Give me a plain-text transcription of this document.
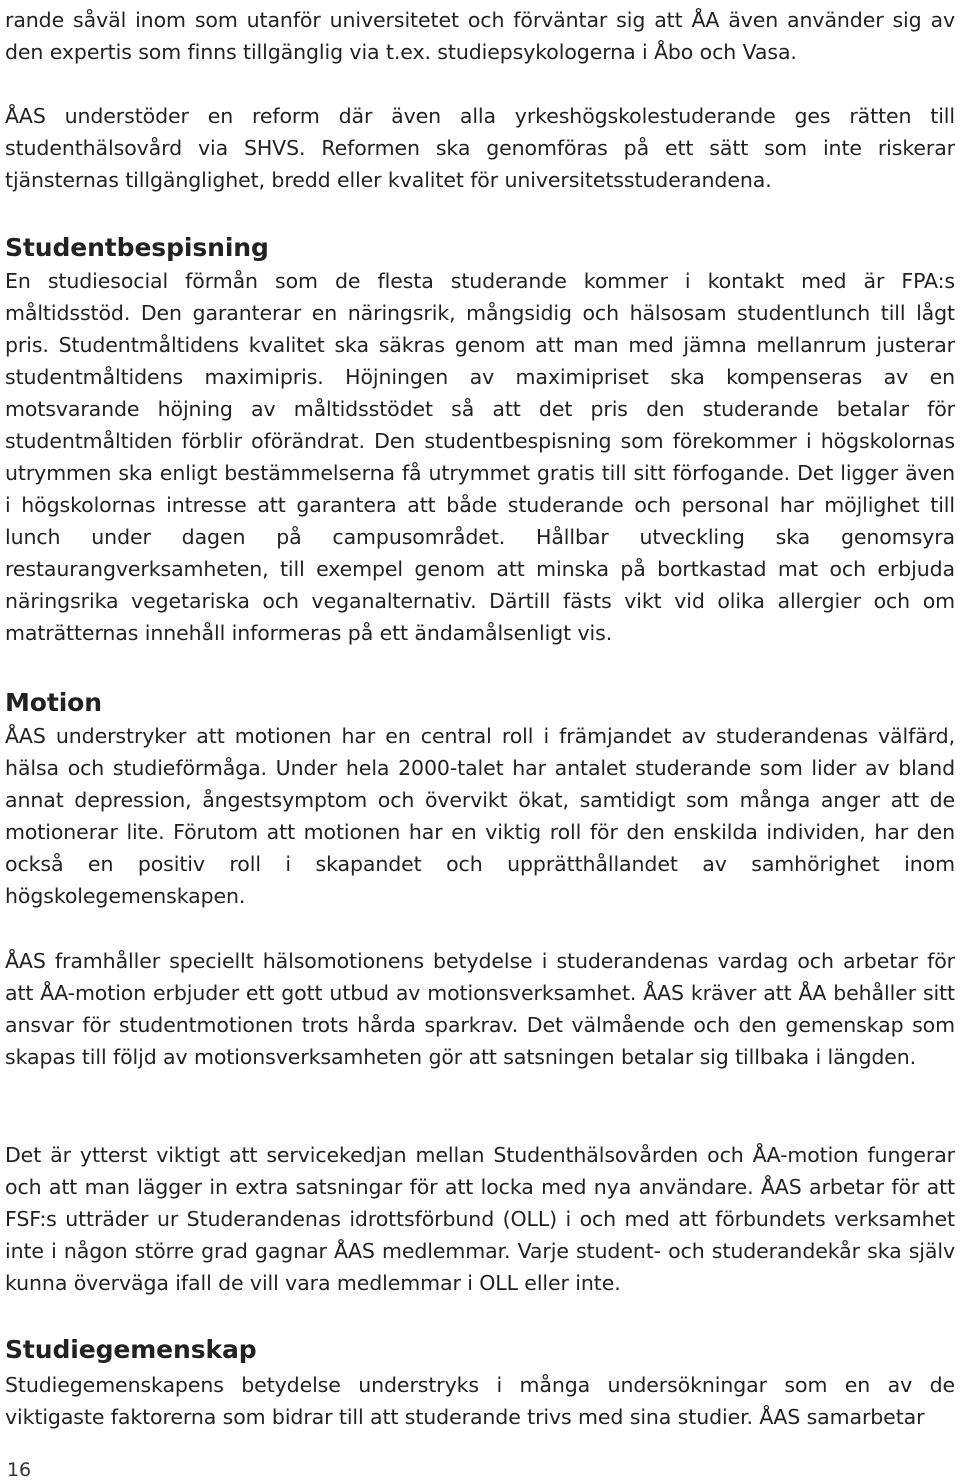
rande såväl inom som utanför universitetet och förväntar sig att ÅA även använder sig av den expertis som finns tillgänglig via t.ex. studiepsykologerna i Åbo och Vasa.

ÅAS understöder en reform där även alla yrkeshögskolestuderande ges rätten till studenthälsovård via SHVS. Reformen ska genomföras på ett sätt som inte riskerar tjänsternas tillgänglighet, bredd eller kvalitet för universitetsstuderandena.

Studentbespisning

En studiesocial förmån som de flesta studerande kommer i kontakt med är FPA:s måltidsstöd. Den garanterar en näringsrik, mångsidig och hälsosam studentlunch till lågt pris. Studentmåltidens kvalitet ska säkras genom att man med jämna mellanrum justerar studentmåltidens maximipris. Höjningen av maximipriset ska kompenseras av en motsvarande höjning av måltidsstödet så att det pris den studerande betalar för studentmåltiden förblir oförändrat. Den studentbespisning som förekommer i högskolornas utrymmen ska enligt bestämmelserna få utrymmet gratis till sitt förfogande. Det ligger även i högskolornas intresse att garantera att både studerande och personal har möjlighet till lunch under dagen på campusområdet. Hållbar utveckling ska genomsyra restaurangverksamheten, till exempel genom att minska på bortkastad mat och erbjuda näringsrika vegetariska och veganalternativ. Därtill fästs vikt vid olika allergier och om maträtternas innehåll informeras på ett ändamålsenligt vis.

Motion

ÅAS understryker att motionen har en central roll i främjandet av studerandenas välfärd, hälsa och studieförmåga. Under hela 2000-talet har antalet studerande som lider av bland annat depression, ångestsymptom och övervikt ökat, samtidigt som många anger att de motionerar lite. Förutom att motionen har en viktig roll för den enskilda individen, har den också en positiv roll i skapandet och upprätthållandet av samhörighet inom högskolegemenskapen.

ÅAS framhåller speciellt hälsomotionens betydelse i studerandenas vardag och arbetar för att ÅA-motion erbjuder ett gott utbud av motionsverksamhet. ÅAS kräver att ÅA behåller sitt ansvar för studentmotionen trots hårda sparkrav. Det välmående och den gemenskap som skapas till följd av motionsverksamheten gör att satsningen betalar sig tillbaka i längden.

Det är ytterst viktigt att servicekedjan mellan Studenthälsovården och ÅA-motion fungerar och att man lägger in extra satsningar för att locka med nya användare. ÅAS arbetar för att FSF:s utträder ur Studerandenas idrottsförbund (OLL) i och med att förbundets verksamhet inte i någon större grad gagnar ÅAS medlemmar. Varje student- och studerandekår ska själv kunna överväga ifall de vill vara medlemmar i OLL eller inte.

Studiegemenskap

Studiegemenskapens betydelse understryks i många undersökningar som en av de viktigaste faktorerna som bidrar till att studerande trivs med sina studier. ÅAS samarbetar

16
